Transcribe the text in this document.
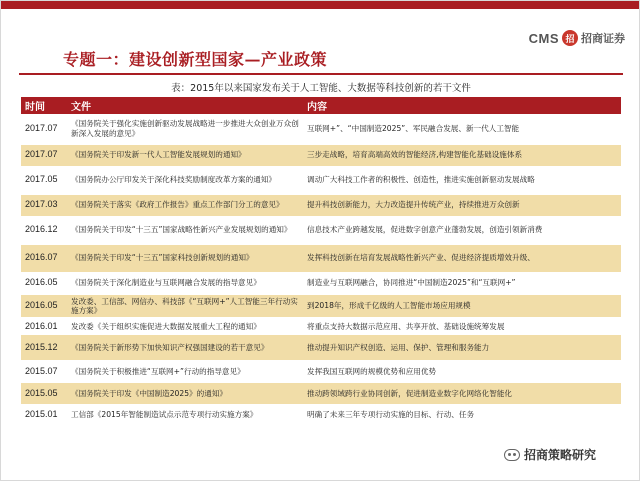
CMS 招 招商证券
专题一：建设创新型国家—产业政策
表：2015年以来国家发布关于人工智能、大数据等科技创新的若干文件
时间	文件	内容
2017.07	《国务院关于强化实施创新驱动发展战略进一步推进大众创业万众创新深入发展的意见》	互联网+”、“中国制造2025”、军民融合发展、新一代人工智能
2017.07	《国务院关于印发新一代人工智能发展规划的通知》	三步走战略，培育高端高效的智能经济,构建智能化基础设施体系
2017.05	《国务院办公厅印发关于深化科技奖励制度改革方案的通知》	调动广大科技工作者的积极性、创造性，推进实施创新驱动发展战略
2017.03	《国务院关于落实《政府工作报告》重点工作部门分工的意见》	提升科技创新能力，大力改造提升传统产业，持续推进万众创新
2016.12	《国务院关于印发“十三五”国家战略性新兴产业发展规划的通知》	信息技术产业跨越发展，促进数字创意产业蓬勃发展，创造引领新消费
2016.07	《国务院关于印发“十三五”国家科技创新规划的通知》	发挥科技创新在培育发展战略性新兴产业、促进经济提质增效升级、
2016.05	《国务院关于深化制造业与互联网融合发展的指导意见》	制造业与互联网融合，协同推进“中国制造2025”和“互联网+”
2016.05	发改委、工信部、网信办、科技部《“互联网+”人工智能三年行动实施方案》	到2018年，形成千亿级的人工智能市场应用规模
2016.01	发改委《关于组织实施促进大数据发展重大工程的通知》	将重点支持大数据示范应用、共享开放、基础设施统筹发展
2015.12	《国务院关于新形势下加快知识产权强国建设的若干意见》	推动提升知识产权创造、运用、保护、管理和服务能力
2015.07	《国务院关于积极推进“互联网+”行动的指导意见》	发挥我国互联网的规模优势和应用优势
2015.05	《国务院关于印发《中国制造2025》的通知》	推动跨领域跨行业协同创新，促进制造业数字化网络化智能化
2015.01	工信部《2015年智能制造试点示范专项行动实施方案》	明确了未来三年专项行动实施的目标、行动、任务
招商策略研究
